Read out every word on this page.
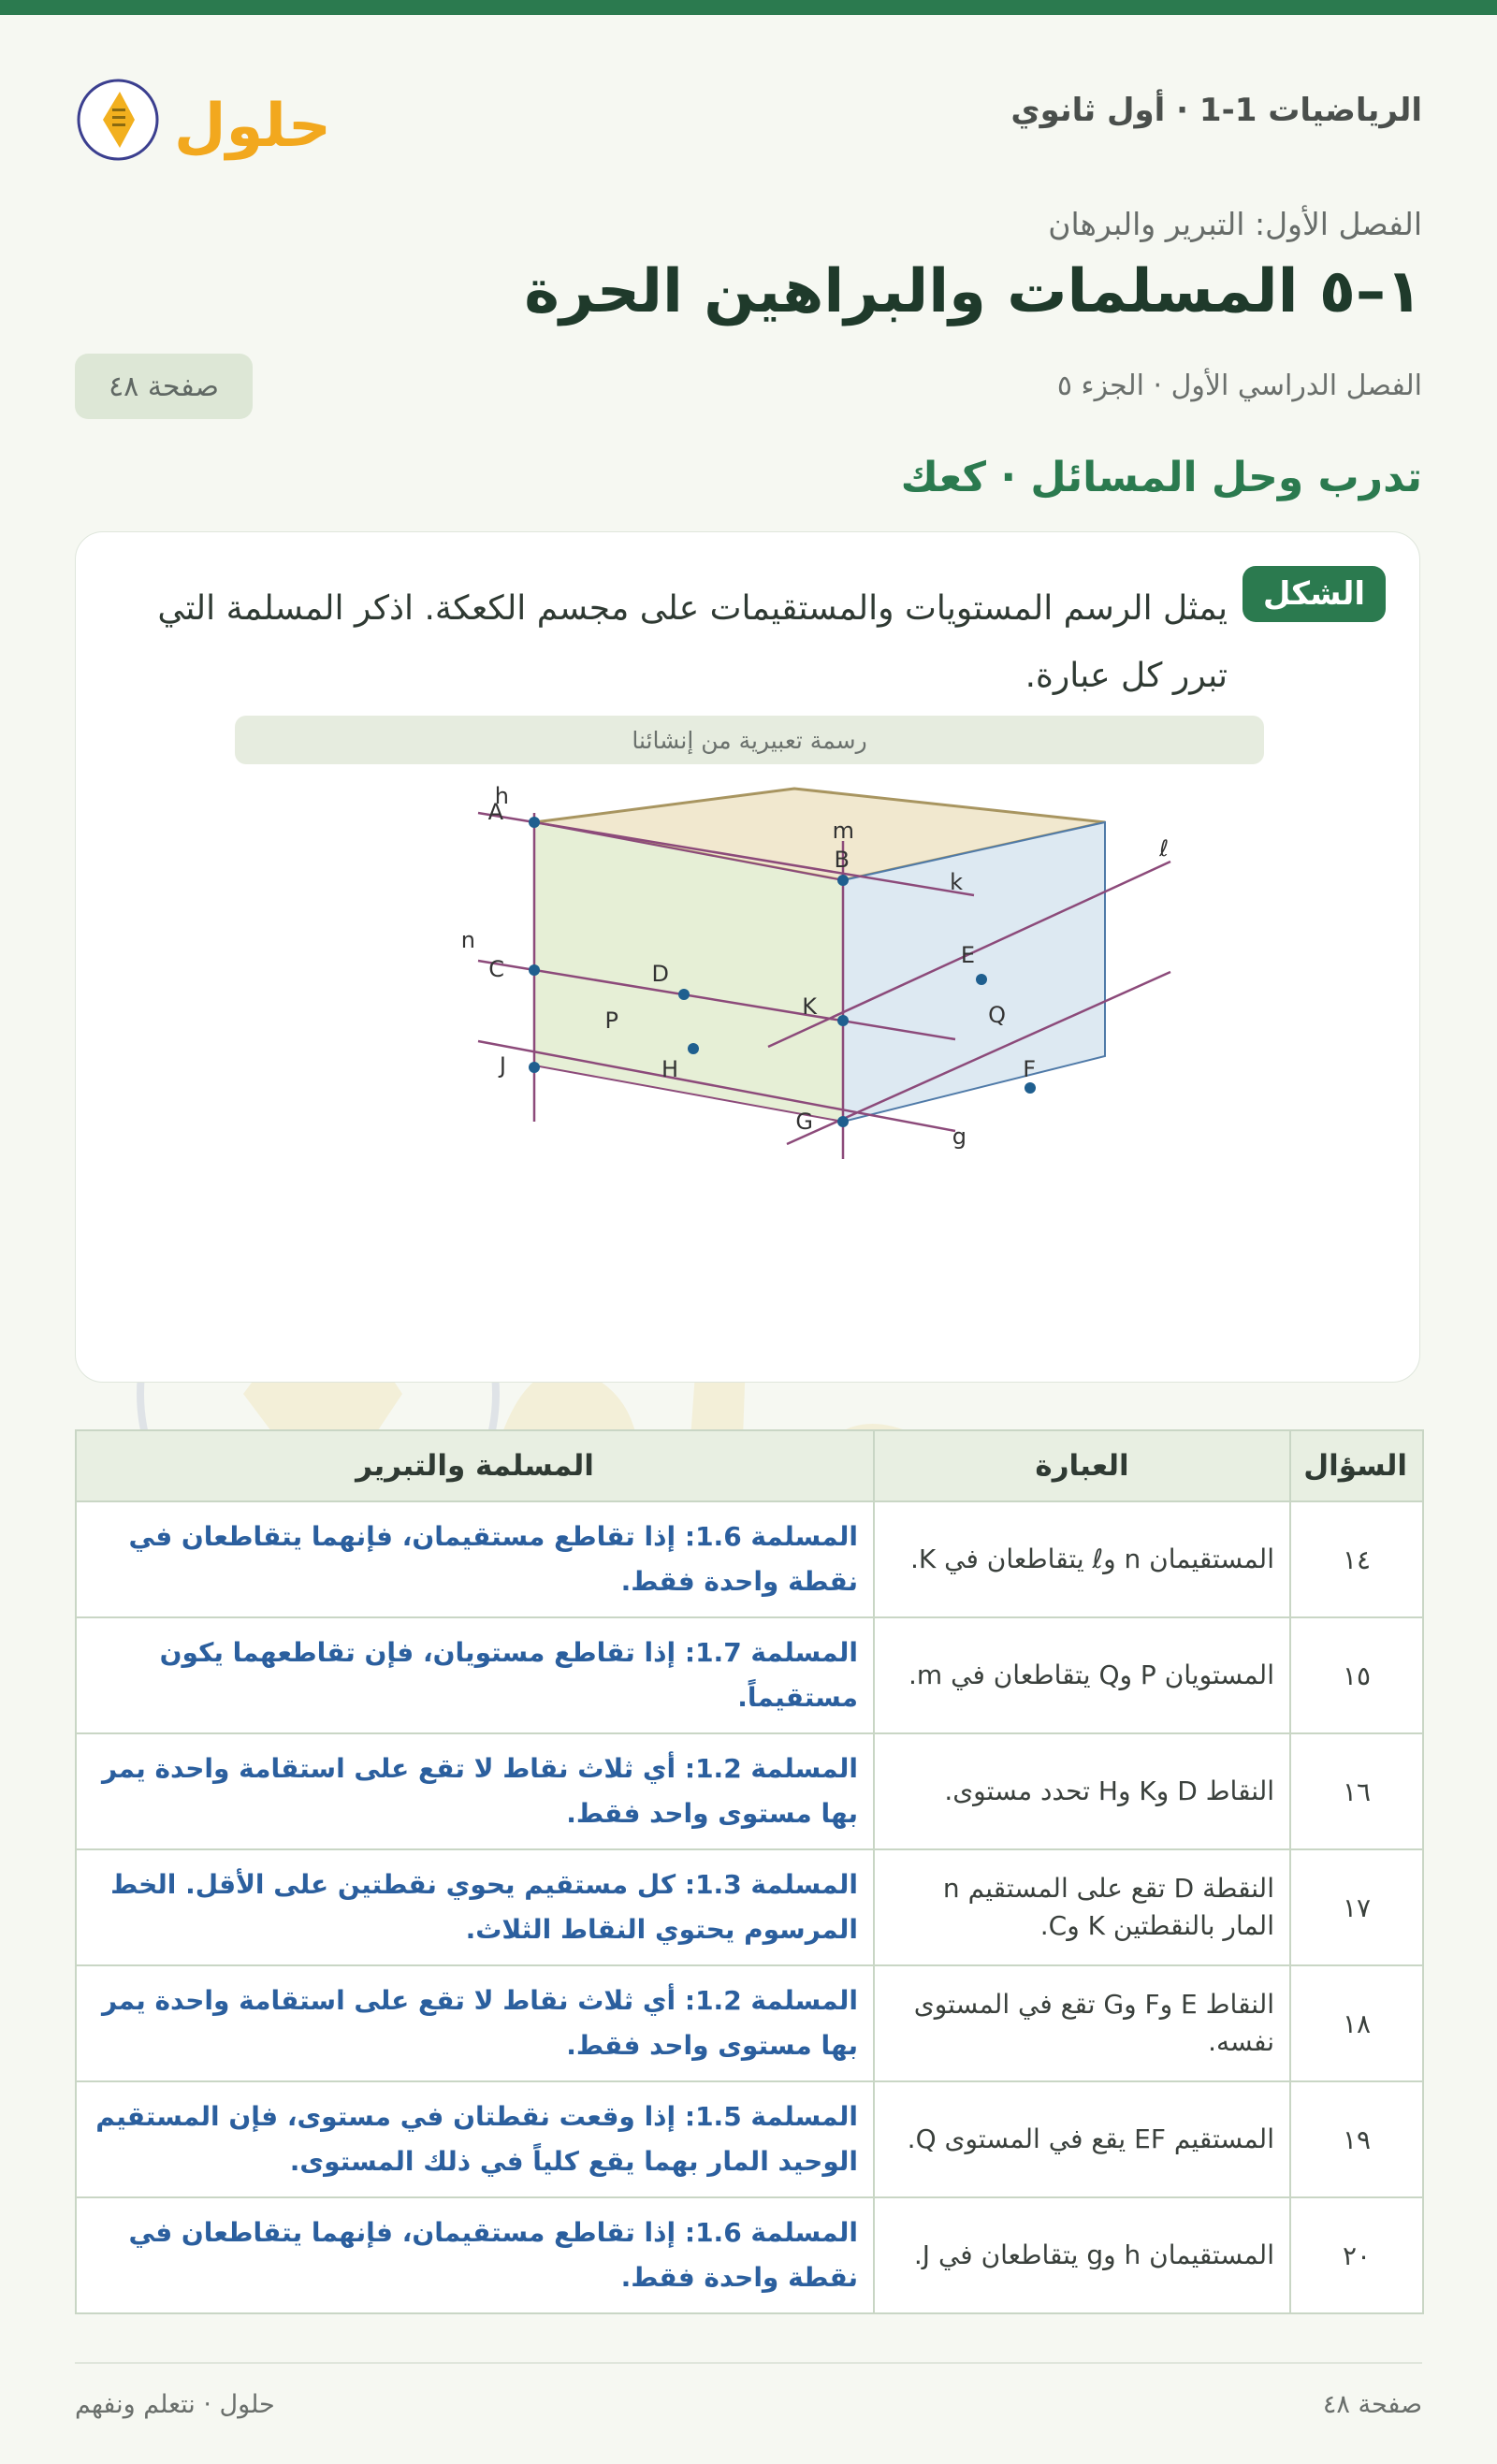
الرياضيات 1-1 · أول ثانوي
حلول
الفصل الأول: التبرير والبرهان
١–٥ المسلمات والبراهين الحرة
الفصل الدراسي الأول · الجزء ٥
صفحة ٤٨
تدرب وحل المسائل · كعك
الشكل
يمثل الرسم المستويات والمستقيمات على مجسم الكعكة. اذكر المسلمة التي تبرر كل عبارة.
رسمة تعبيرية من إنشائنا
A
h
B
m
k
n
C	D
E
ℓ
K
P	Q
H	F
J
G
g
السؤال	العبارة	المسلمة والتبرير
١٤	المستقيمان n وℓ يتقاطعان في K.	المسلمة 1.6: إذا تقاطع مستقيمان، فإنهما يتقاطعان في نقطة واحدة فقط.
١٥	المستويان P وQ يتقاطعان في m.	المسلمة 1.7: إذا تقاطع مستويان، فإن تقاطعهما يكون مستقيماً.
١٦	النقاط D وK وH تحدد مستوى.	المسلمة 1.2: أي ثلاث نقاط لا تقع على استقامة واحدة يمر بها مستوى واحد فقط.
١٧	النقطة D تقع على المستقيم n المار بالنقطتين K وC.	المسلمة 1.3: كل مستقيم يحوي نقطتين على الأقل. الخط المرسوم يحتوي النقاط الثلاث.
١٨	النقاط E وF وG تقع في المستوى نفسه.	المسلمة 1.2: أي ثلاث نقاط لا تقع على استقامة واحدة يمر بها مستوى واحد فقط.
١٩	المستقيم EF يقع في المستوى Q.	المسلمة 1.5: إذا وقعت نقطتان في مستوى، فإن المستقيم الوحيد المار بهما يقع كلياً في ذلك المستوى.
٢٠	المستقيمان h وg يتقاطعان في J.	المسلمة 1.6: إذا تقاطع مستقيمان، فإنهما يتقاطعان في نقطة واحدة فقط.
صفحة ٤٨
حلول · نتعلم ونفهم
